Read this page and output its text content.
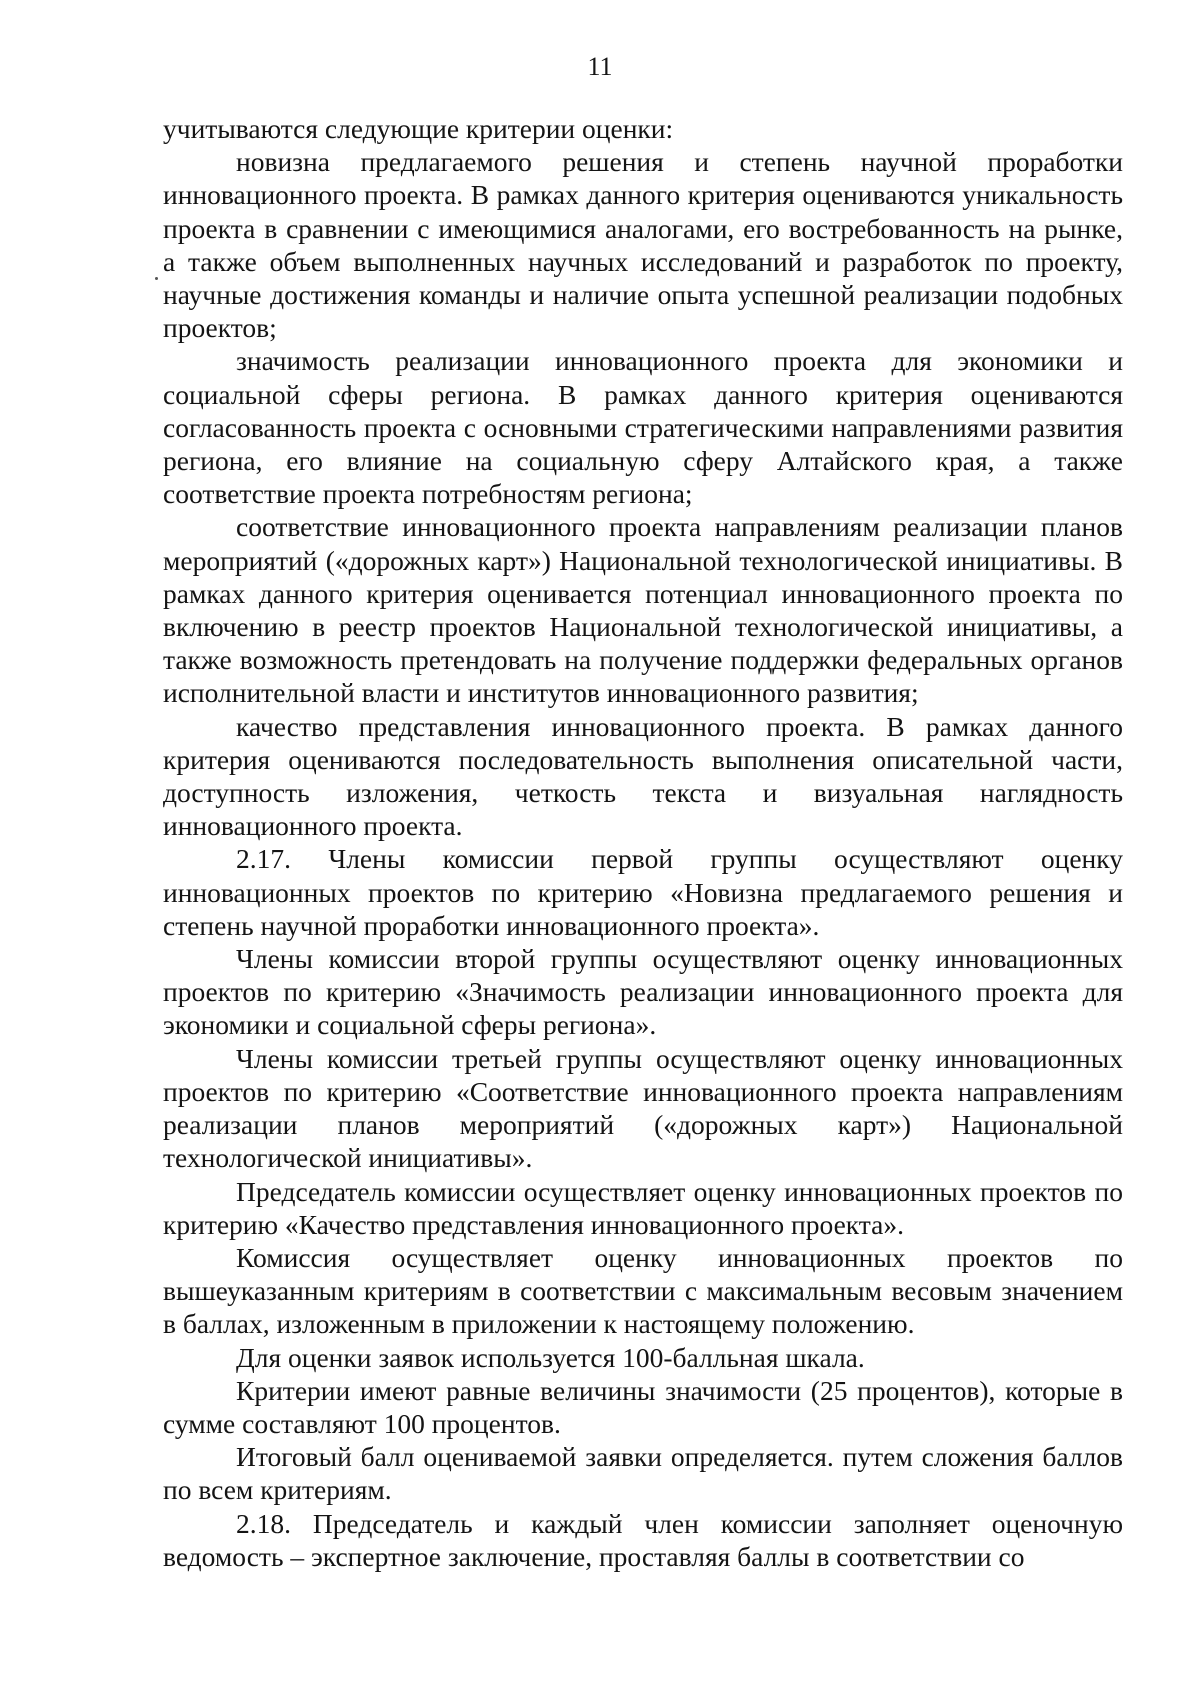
11

учитываются следующие критерии оценки:

новизна предлагаемого решения и степень научной проработки инновационного проекта. В рамках данного критерия оцениваются уникальность проекта в сравнении с имеющимися аналогами, его востребованность на рынке, а также объем выполненных научных исследований и разработок по проекту, научные достижения команды и наличие опыта успешной реализации подобных проектов;

значимость реализации инновационного проекта для экономики и социальной сферы региона. В рамках данного критерия оцениваются согласованность проекта с основными стратегическими направлениями развития региона, его влияние на социальную сферу Алтайского края, а также соответствие проекта потребностям региона;

соответствие инновационного проекта направлениям реализации планов мероприятий («дорожных карт») Национальной технологической инициативы. В рамках данного критерия оценивается потенциал инновационного проекта по включению в реестр проектов Национальной технологической инициативы, а также возможность претендовать на получение поддержки федеральных органов исполнительной власти и институтов инновационного развития;

качество представления инновационного проекта. В рамках данного критерия оцениваются последовательность выполнения описательной части, доступность изложения, четкость текста и визуальная наглядность инновационного проекта.

2.17. Члены комиссии первой группы осуществляют оценку инновационных проектов по критерию «Новизна предлагаемого решения и степень научной проработки инновационного проекта».

Члены комиссии второй группы осуществляют оценку инновационных проектов по критерию «Значимость реализации инновационного проекта для экономики и социальной сферы региона».

Члены комиссии третьей группы осуществляют оценку инновационных проектов по критерию «Соответствие инновационного проекта направлениям реализации планов мероприятий («дорожных карт») Национальной технологической инициативы».

Председатель комиссии осуществляет оценку инновационных проектов по критерию «Качество представления инновационного проекта».

Комиссия осуществляет оценку инновационных проектов по вышеуказанным критериям в соответствии с максимальным весовым значением в баллах, изложенным в приложении к настоящему положению.

Для оценки заявок используется 100-балльная шкала.

Критерии имеют равные величины значимости (25 процентов), которые в сумме составляют 100 процентов.

Итоговый балл оцениваемой заявки определяется. путем сложения баллов по всем критериям.

2.18. Председатель и каждый член комиссии заполняет оценочную ведомость – экспертное заключение, проставляя баллы в соответствии со
